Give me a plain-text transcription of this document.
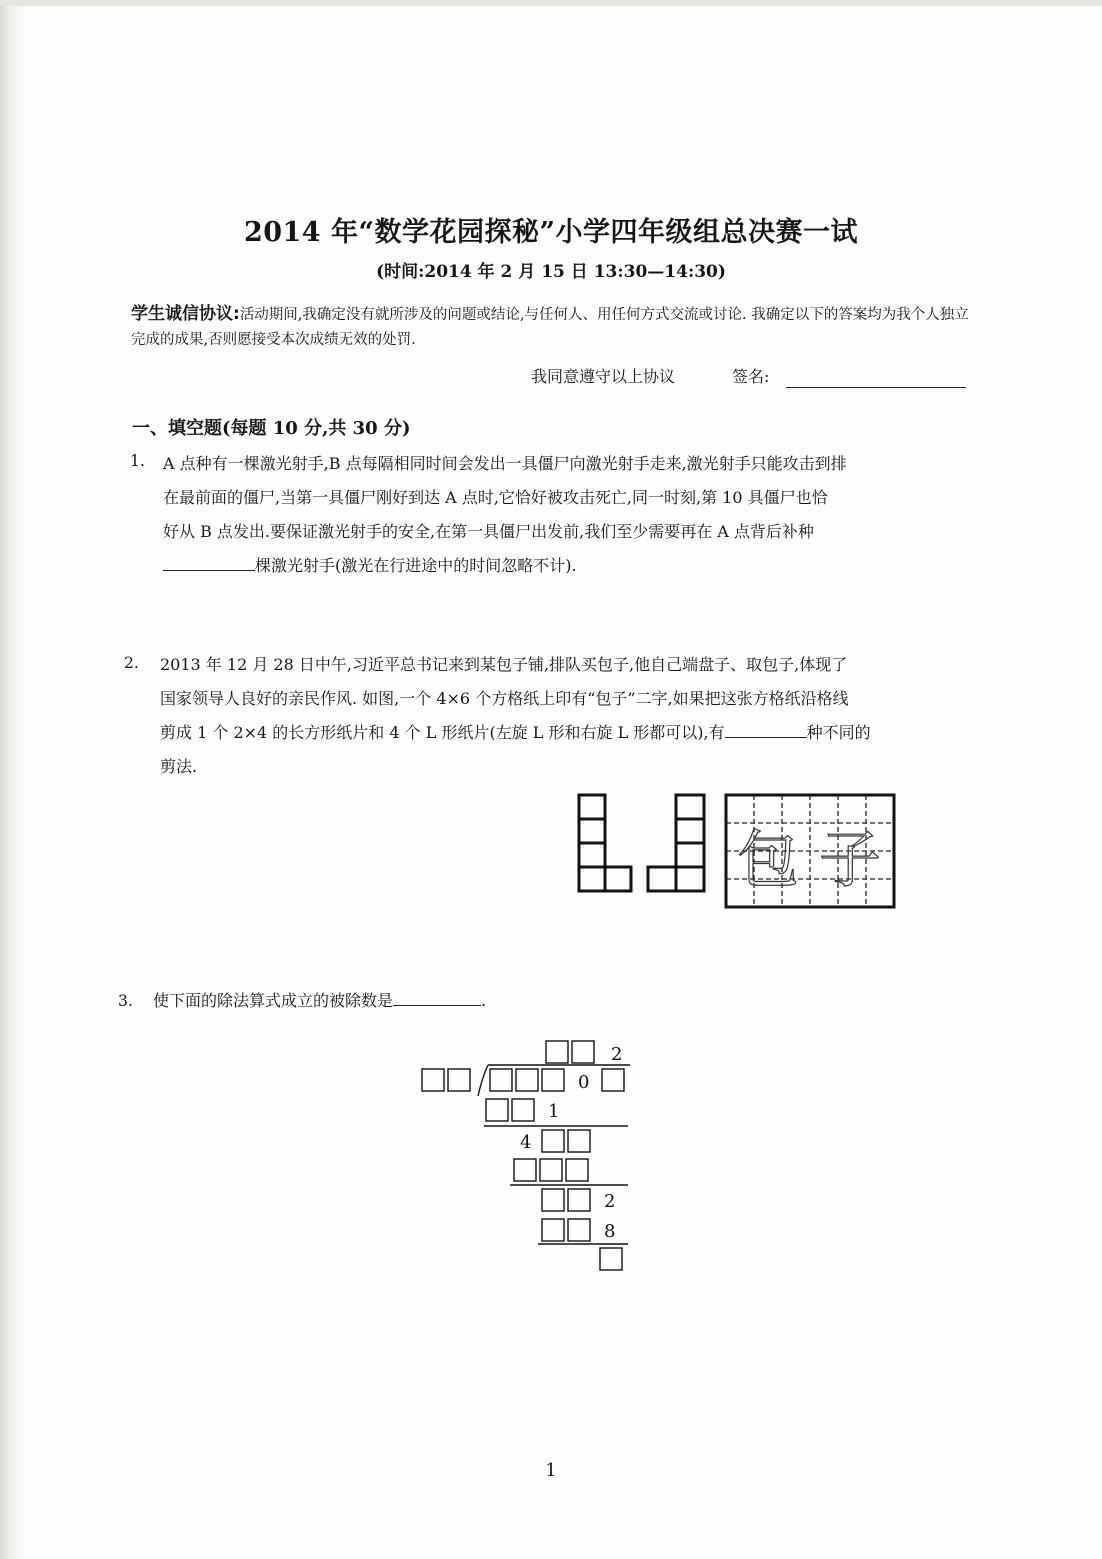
2014 年“数学花园探秘”小学四年级组总决赛一试
(时间:2014 年 2 月 15 日 13:30—14:30)
学生诚信协议:活动期间,我确定没有就所涉及的问题或结论,与任何人、用任何方式交流或讨论. 我确定以下的答案均为我个人独立完成的成果,否则愿接受本次成绩无效的处罚.
我同意遵守以上协议	签名:
一、填空题(每题 10 分,共 30 分)
1. A 点种有一棵激光射手,B 点每隔相同时间会发出一具僵尸向激光射手走来,激光射手只能攻击到排
在最前面的僵尸,当第一具僵尸刚好到达 A 点时,它恰好被攻击死亡,同一时刻,第 10 具僵尸也恰
好从 B 点发出.要保证激光射手的安全,在第一具僵尸出发前,我们至少需要再在 A 点背后补种
棵激光射手(激光在行进途中的时间忽略不计).
2. 2013 年 12 月 28 日中午,习近平总书记来到某包子铺,排队买包子,他自己端盘子、取包子,体现了
国家领导人良好的亲民作风. 如图,一个 4×6 个方格纸上印有“包子”二字,如果把这张方格纸沿格线
剪成 1 个 2×4 的长方形纸片和 4 个 L 形纸片(左旋 L 形和右旋 L 形都可以),有	种不同的
剪法.
包 子
3. 使下面的除法算式成立的被除数是	.
2
0
1
4
2
8
1
